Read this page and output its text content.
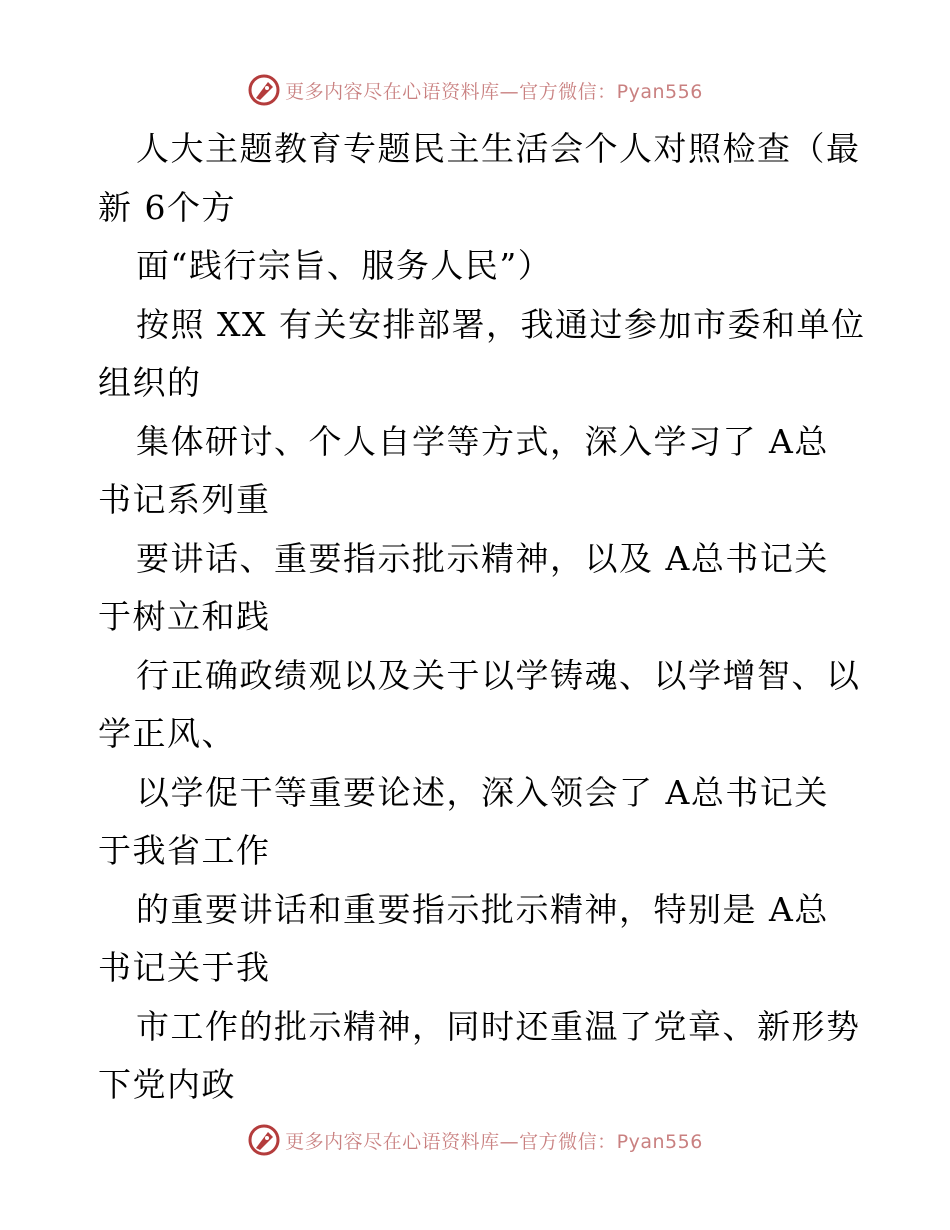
更多内容尽在心语资料库—官方微信：Pyan556
人大主题教育专题民主生活会个人对照检查（最
新 6个方
面“践行宗旨、服务人民”）
按照 XX 有关安排部署，我通过参加市委和单位
组织的
集体研讨、个人自学等方式，深入学习了 A总
书记系列重
要讲话、重要指示批示精神，以及 A总书记关
于树立和践
行正确政绩观以及关于以学铸魂、以学增智、以
学正风、
以学促干等重要论述，深入领会了 A总书记关
于我省工作
的重要讲话和重要指示批示精神，特别是 A总
书记关于我
市工作的批示精神，同时还重温了党章、新形势
下党内政
更多内容尽在心语资料库—官方微信：Pyan556
